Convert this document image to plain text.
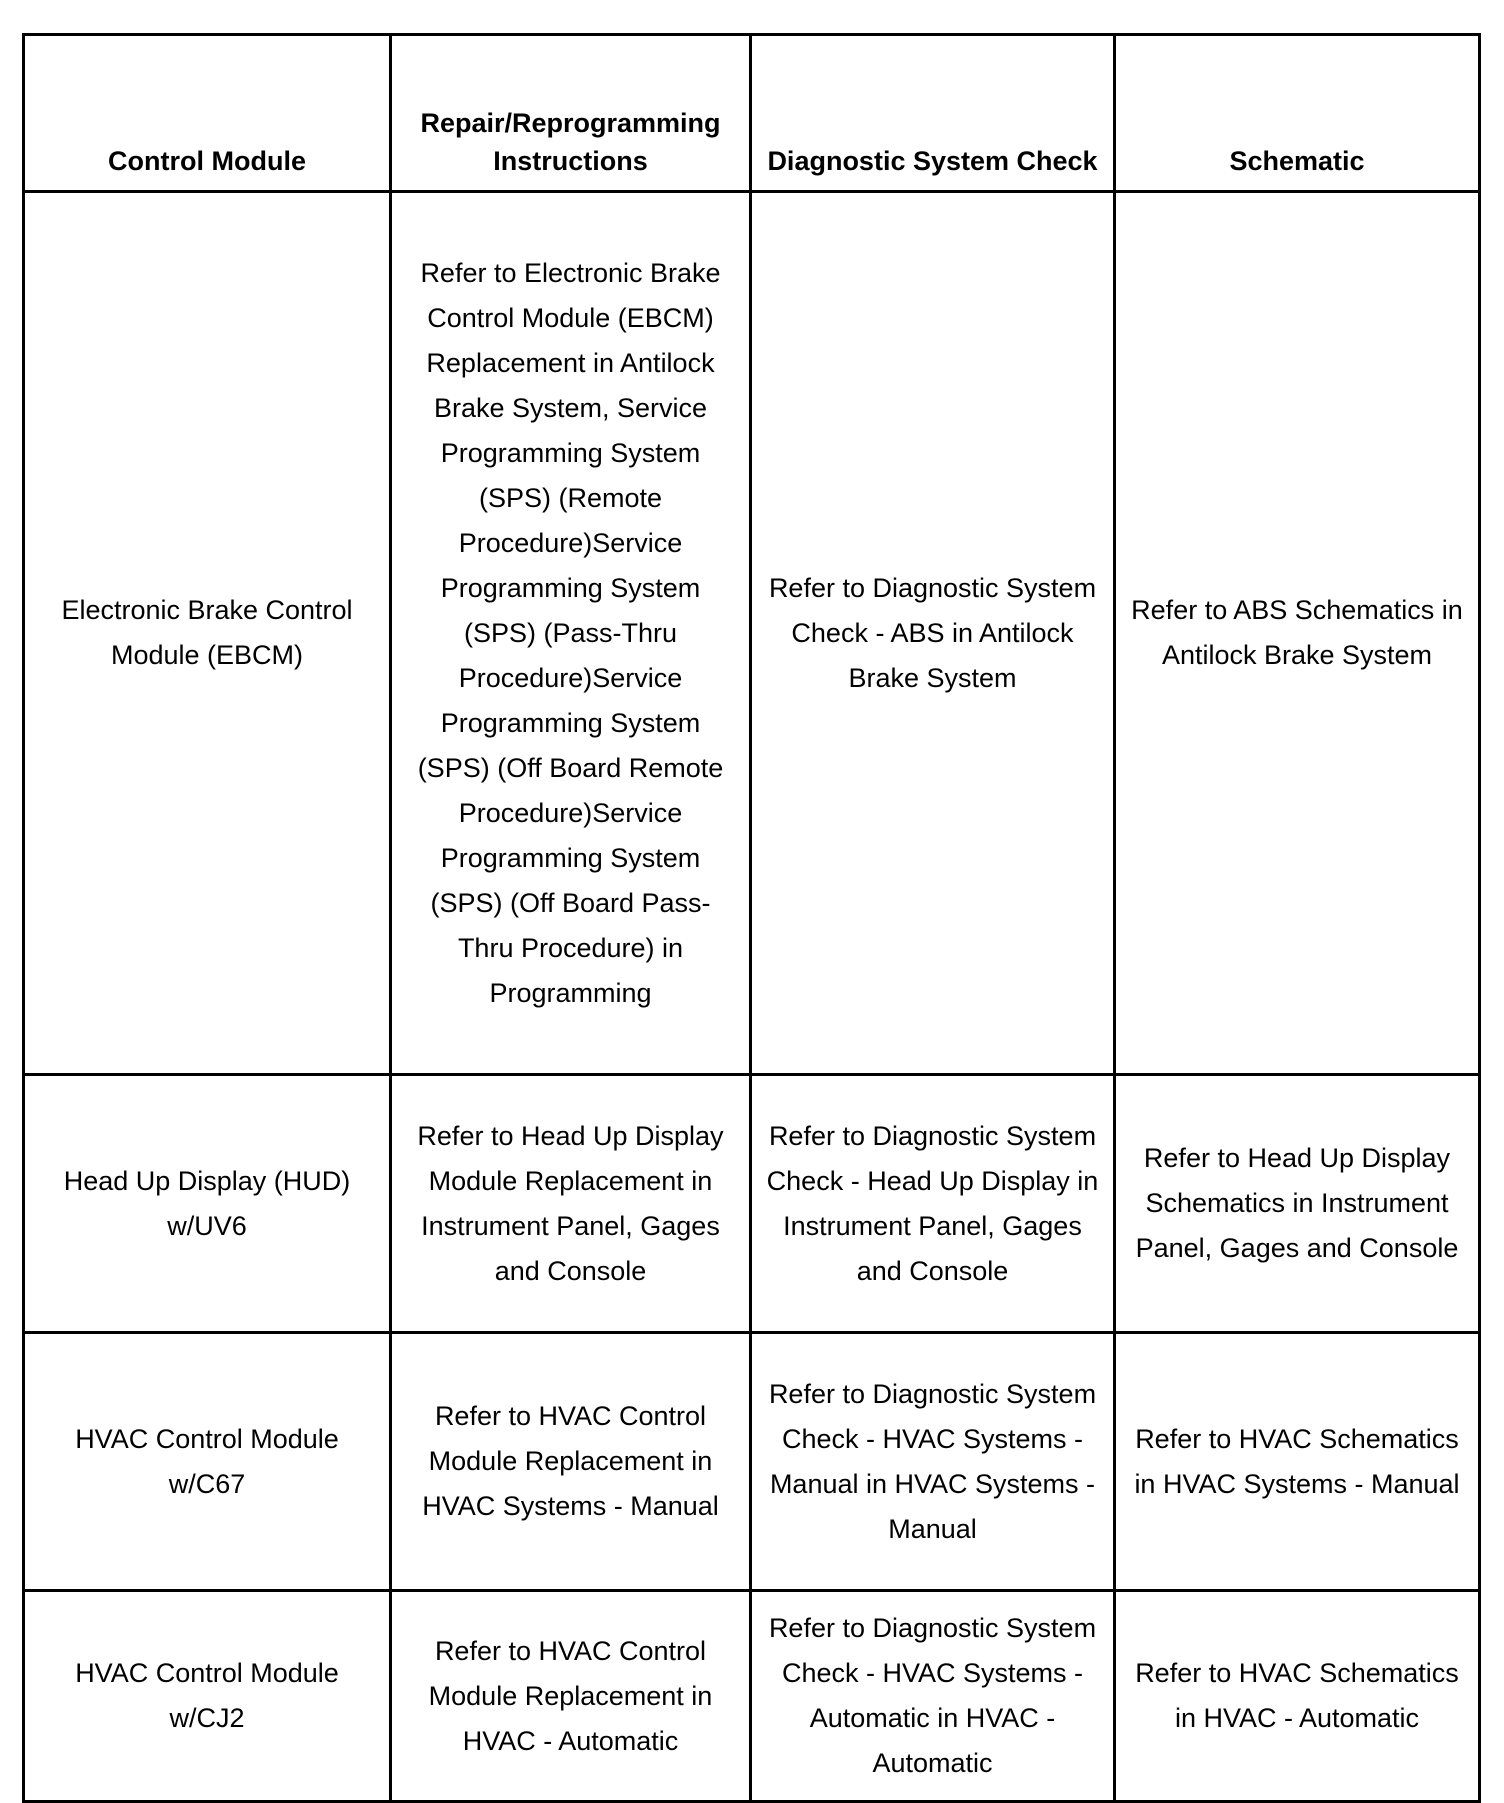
Control Module	Repair/Reprogramming Instructions	Diagnostic System Check	Schematic
Electronic Brake Control Module (EBCM)	Refer to Electronic Brake Control Module (EBCM) Replacement in Antilock Brake System, Service Programming System (SPS) (Remote Procedure)Service Programming System (SPS) (Pass-Thru Procedure)Service Programming System (SPS) (Off Board Remote Procedure)Service Programming System (SPS) (Off Board Pass-Thru Procedure) in Programming	Refer to Diagnostic System Check - ABS in Antilock Brake System	Refer to ABS Schematics in Antilock Brake System
Head Up Display (HUD) w/UV6	Refer to Head Up Display Module Replacement in Instrument Panel, Gages and Console	Refer to Diagnostic System Check - Head Up Display in Instrument Panel, Gages and Console	Refer to Head Up Display Schematics in Instrument Panel, Gages and Console
HVAC Control Module w/C67	Refer to HVAC Control Module Replacement in HVAC Systems - Manual	Refer to Diagnostic System Check - HVAC Systems - Manual in HVAC Systems - Manual	Refer to HVAC Schematics in HVAC Systems - Manual
HVAC Control Module w/CJ2	Refer to HVAC Control Module Replacement in HVAC - Automatic	Refer to Diagnostic System Check - HVAC Systems - Automatic in HVAC - Automatic	Refer to HVAC Schematics in HVAC - Automatic
